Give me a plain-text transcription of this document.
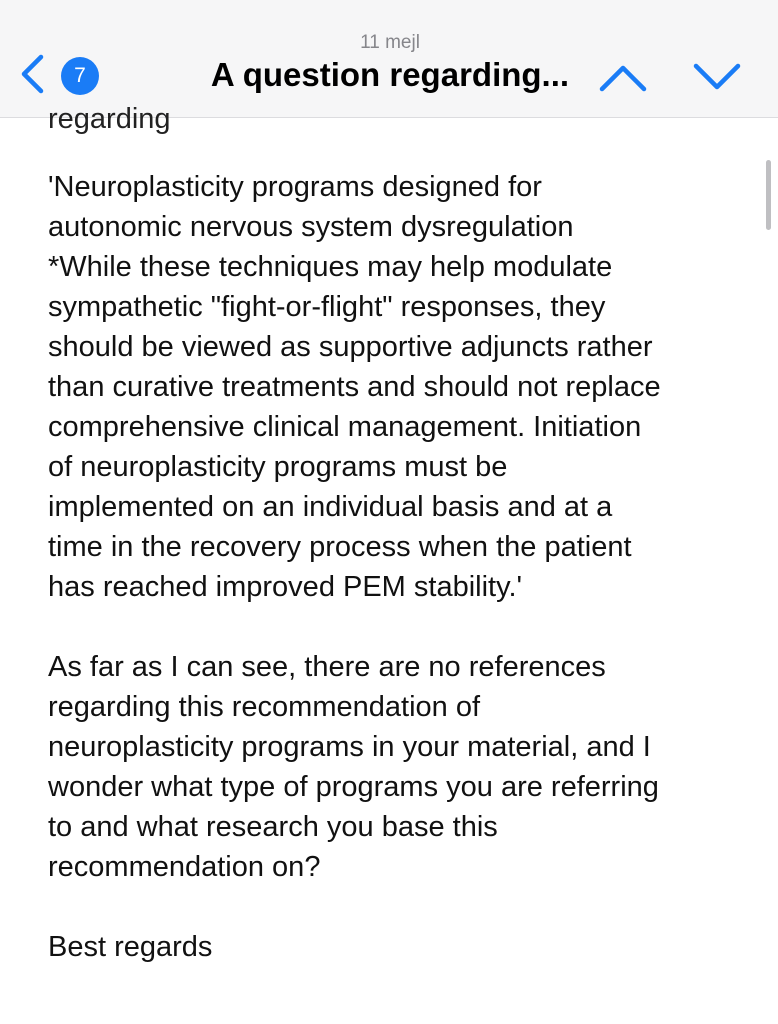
7
11 mejl
A question regarding...
regarding

'Neuroplasticity programs designed for
autonomic nervous system dysregulation
*While these techniques may help modulate
sympathetic "fight-or-flight" responses, they
should be viewed as supportive adjuncts rather
than curative treatments and should not replace
comprehensive clinical management. Initiation
of neuroplasticity programs must be
implemented on an individual basis and at a
time in the recovery process when the patient
has reached improved PEM stability.'

As far as I can see, there are no references
regarding this recommendation of
neuroplasticity programs in your material, and I
wonder what type of programs you are referring
to and what research you base this
recommendation on?

Best regards
